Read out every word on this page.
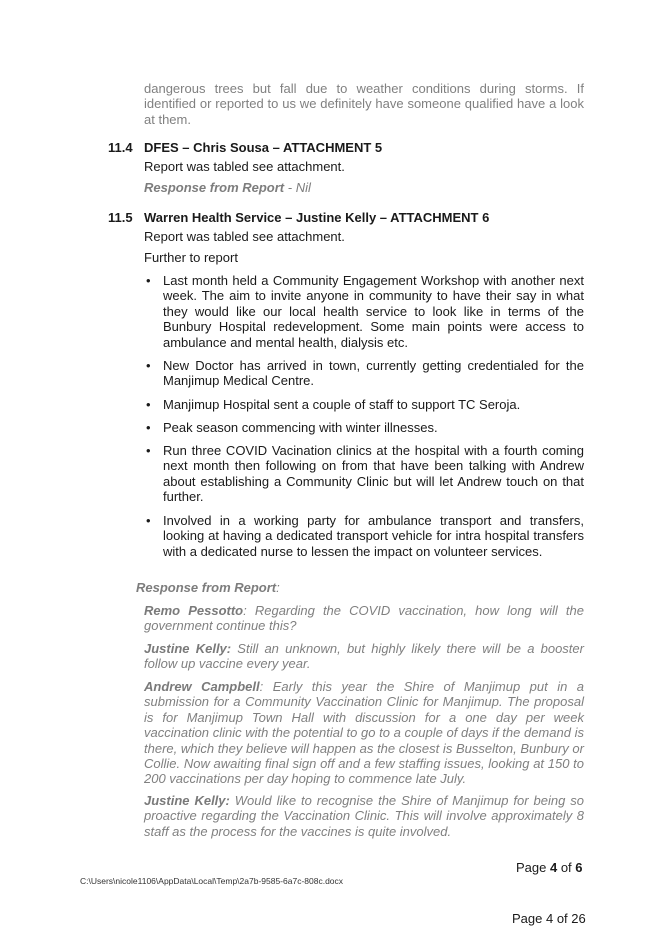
dangerous trees but fall due to weather conditions during storms. If identified or reported to us we definitely have someone qualified have a look at them.

11.4 DFES – Chris Sousa – ATTACHMENT 5

Report was tabled see attachment.

Response from Report - Nil

11.5 Warren Health Service – Justine Kelly – ATTACHMENT 6

Report was tabled see attachment.

Further to report

• Last month held a Community Engagement Workshop with another next week. The aim to invite anyone in community to have their say in what they would like our local health service to look like in terms of the Bunbury Hospital redevelopment. Some main points were access to ambulance and mental health, dialysis etc.

• New Doctor has arrived in town, currently getting credentialed for the Manjimup Medical Centre.

• Manjimup Hospital sent a couple of staff to support TC Seroja.

• Peak season commencing with winter illnesses.

• Run three COVID Vacination clinics at the hospital with a fourth coming next month then following on from that have been talking with Andrew about establishing a Community Clinic but will let Andrew touch on that further.

• Involved in a working party for ambulance transport and transfers, looking at having a dedicated transport vehicle for intra hospital transfers with a dedicated nurse to lessen the impact on volunteer services.

Response from Report:

Remo Pessotto: Regarding the COVID vaccination, how long will the government continue this?

Justine Kelly: Still an unknown, but highly likely there will be a booster follow up vaccine every year.

Andrew Campbell: Early this year the Shire of Manjimup put in a submission for a Community Vaccination Clinic for Manjimup. The proposal is for Manjimup Town Hall with discussion for a one day per week vaccination clinic with the potential to go to a couple of days if the demand is there, which they believe will happen as the closest is Busselton, Bunbury or Collie. Now awaiting final sign off and a few staffing issues, looking at 150 to 200 vaccinations per day hoping to commence late July.

Justine Kelly: Would like to recognise the Shire of Manjimup for being so proactive regarding the Vaccination Clinic. This will involve approximately 8 staff as the process for the vaccines is quite involved.

Page 4 of 6
C:\Users\nicole1106\AppData\Local\Temp\2a7b-9585-6a7c-808c.docx
Page 4 of 26
